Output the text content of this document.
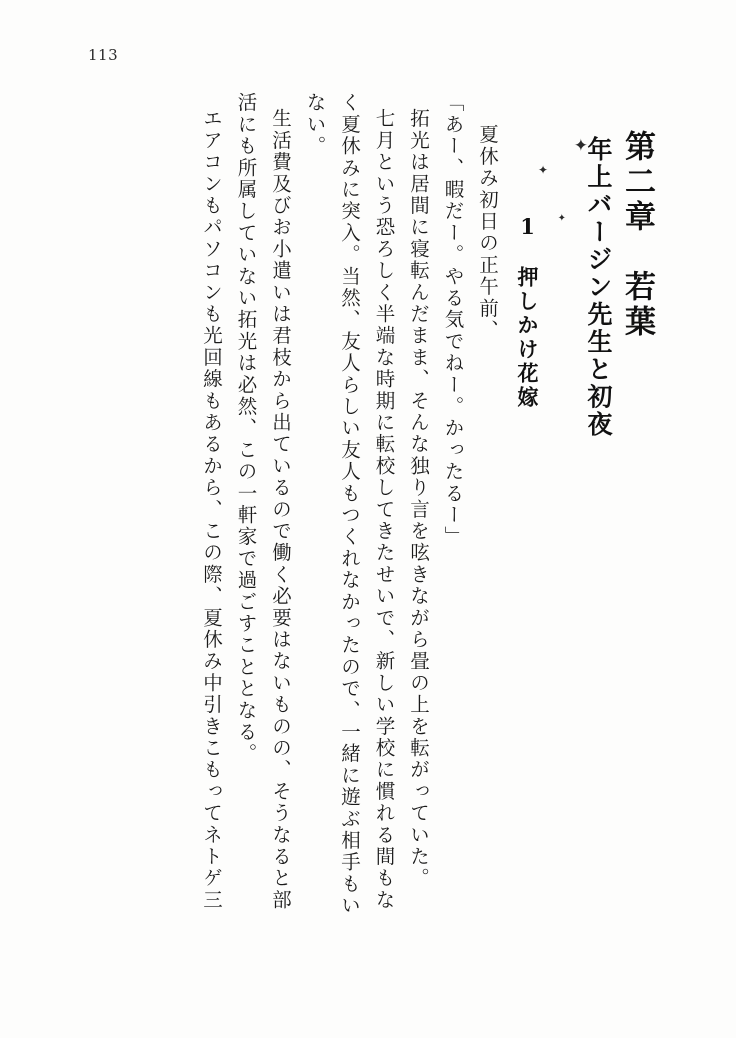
113
✦
✦
✦ 第二章　若葉
年上バージン先生と初夜
1　押しかけ花嫁
夏休み初日の正午前、
「あー、暇だー。やる気でねー。かったるー」
拓光は居間に寝転んだまま、そんな独り言を呟きながら畳の上を転がっていた。
七月という恐ろしく半端な時期に転校してきたせいで、新しい学校に慣れる間もな
く夏休みに突入。当然、友人らしい友人もつくれなかったので、一緒に遊ぶ相手もい
ない。
生活費及びお小遣いは君枝から出ているので働く必要はないものの、そうなると部
活にも所属していない拓光は必然、この一軒家で過ごすこととなる。
エアコンもパソコンも光回線もあるから、この際、夏休み中引きこもってネトゲ三
